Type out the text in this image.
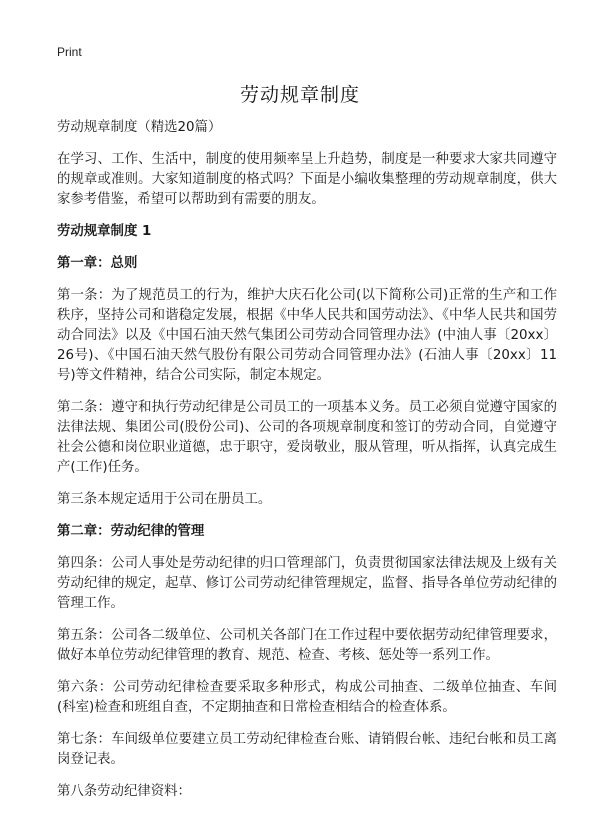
Print
劳动规章制度

劳动规章制度（精选20篇）

在学习、工作、生活中，制度的使用频率呈上升趋势，制度是一种要求大家共同遵守的规章或准则。大家知道制度的格式吗？下面是小编收集整理的劳动规章制度，供大家参考借鉴，希望可以帮助到有需要的朋友。

劳动规章制度 1
第一章：总则

第一条：为了规范员工的行为，维护大庆石化公司(以下简称公司)正常的生产和工作秩序，坚持公司和谐稳定发展，根据《中华人民共和国劳动法》、《中华人民共和国劳动合同法》以及《中国石油天然气集团公司劳动合同管理办法》(中油人事〔20xx〕26号)、《中国石油天然气股份有限公司劳动合同管理办法》(石油人事〔20xx〕11号)等文件精神，结合公司实际，制定本规定。

第二条：遵守和执行劳动纪律是公司员工的一项基本义务。员工必须自觉遵守国家的法律法规、集团公司(股份公司)、公司的各项规章制度和签订的劳动合同，自觉遵守社会公德和岗位职业道德，忠于职守，爱岗敬业，服从管理，听从指挥，认真完成生产(工作)任务。

第三条本规定适用于公司在册员工。

第二章：劳动纪律的管理

第四条：公司人事处是劳动纪律的归口管理部门，负责贯彻国家法律法规及上级有关劳动纪律的规定，起草、修订公司劳动纪律管理规定，监督、指导各单位劳动纪律的管理工作。

第五条：公司各二级单位、公司机关各部门在工作过程中要依据劳动纪律管理要求，做好本单位劳动纪律管理的教育、规范、检查、考核、惩处等一系列工作。

第六条：公司劳动纪律检查要采取多种形式，构成公司抽查、二级单位抽查、车间(科室)检查和班组自查，不定期抽查和日常检查相结合的检查体系。

第七条：车间级单位要建立员工劳动纪律检查台账、请销假台帐、违纪台帐和员工离岗登记表。

第八条劳动纪律资料：
